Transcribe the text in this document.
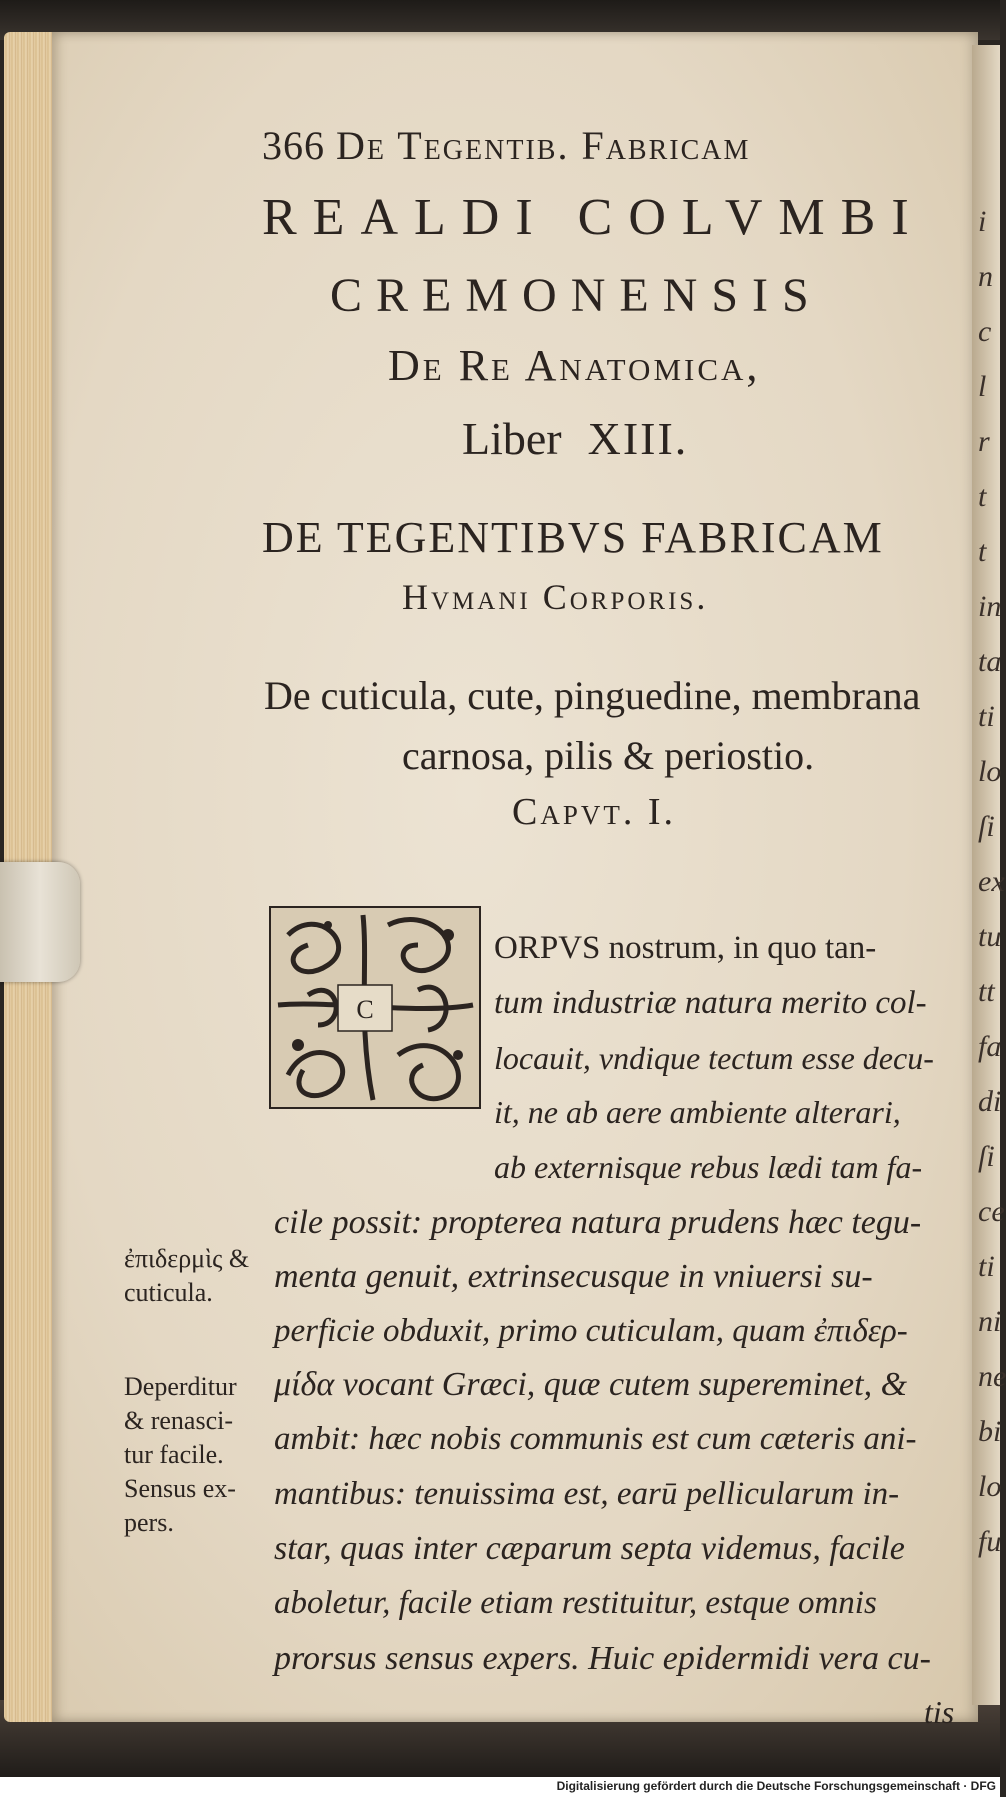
i
n
c
l
r
t
t
in
ta
ti
lo
ſi
ex
tu
tt
fa
di
ſi
ce
ti
ni
ne
bi
lo
fu
366 De Tegentib. Fabricam
REALDI COLVMBI
CREMONENSIS
De Re Anatomica,
Liber XIII.
DE TEGENTIBVS FABRICAM
Hvmani Corporis.
De cuticula, cute, pinguedine, membrana
carnosa, pilis & periostio.
Capvt. I.
C
ORPVS nostrum, in quo tan-
tum industriæ natura merito col-
locauit, vndique tectum esse decu-
it, ne ab aere ambiente alterari,
ab externisque rebus lædi tam fa-
cile possit: propterea natura prudens hæc tegu-
menta genuit, extrinsecusque in vniuersi su-
perficie obduxit, primo cuticulam, quam ἐπιδερ-
μίδα vocant Græci, quæ cutem supereminet, &
ambit: hæc nobis communis est cum cæteris ani-
mantibus: tenuissima est, earū pellicularum in-
star, quas inter cæparum septa videmus, facile
aboletur, facile etiam restituitur, estque omnis
prorsus sensus expers. Huic epidermidi vera cu-
tis
ἐπιδερμὶς &
cuticula.
Deperditur
& renasci-
tur facile.
Sensus ex-
pers.
Digitalisierung gefördert durch die Deutsche Forschungsgemeinschaft · DFG
